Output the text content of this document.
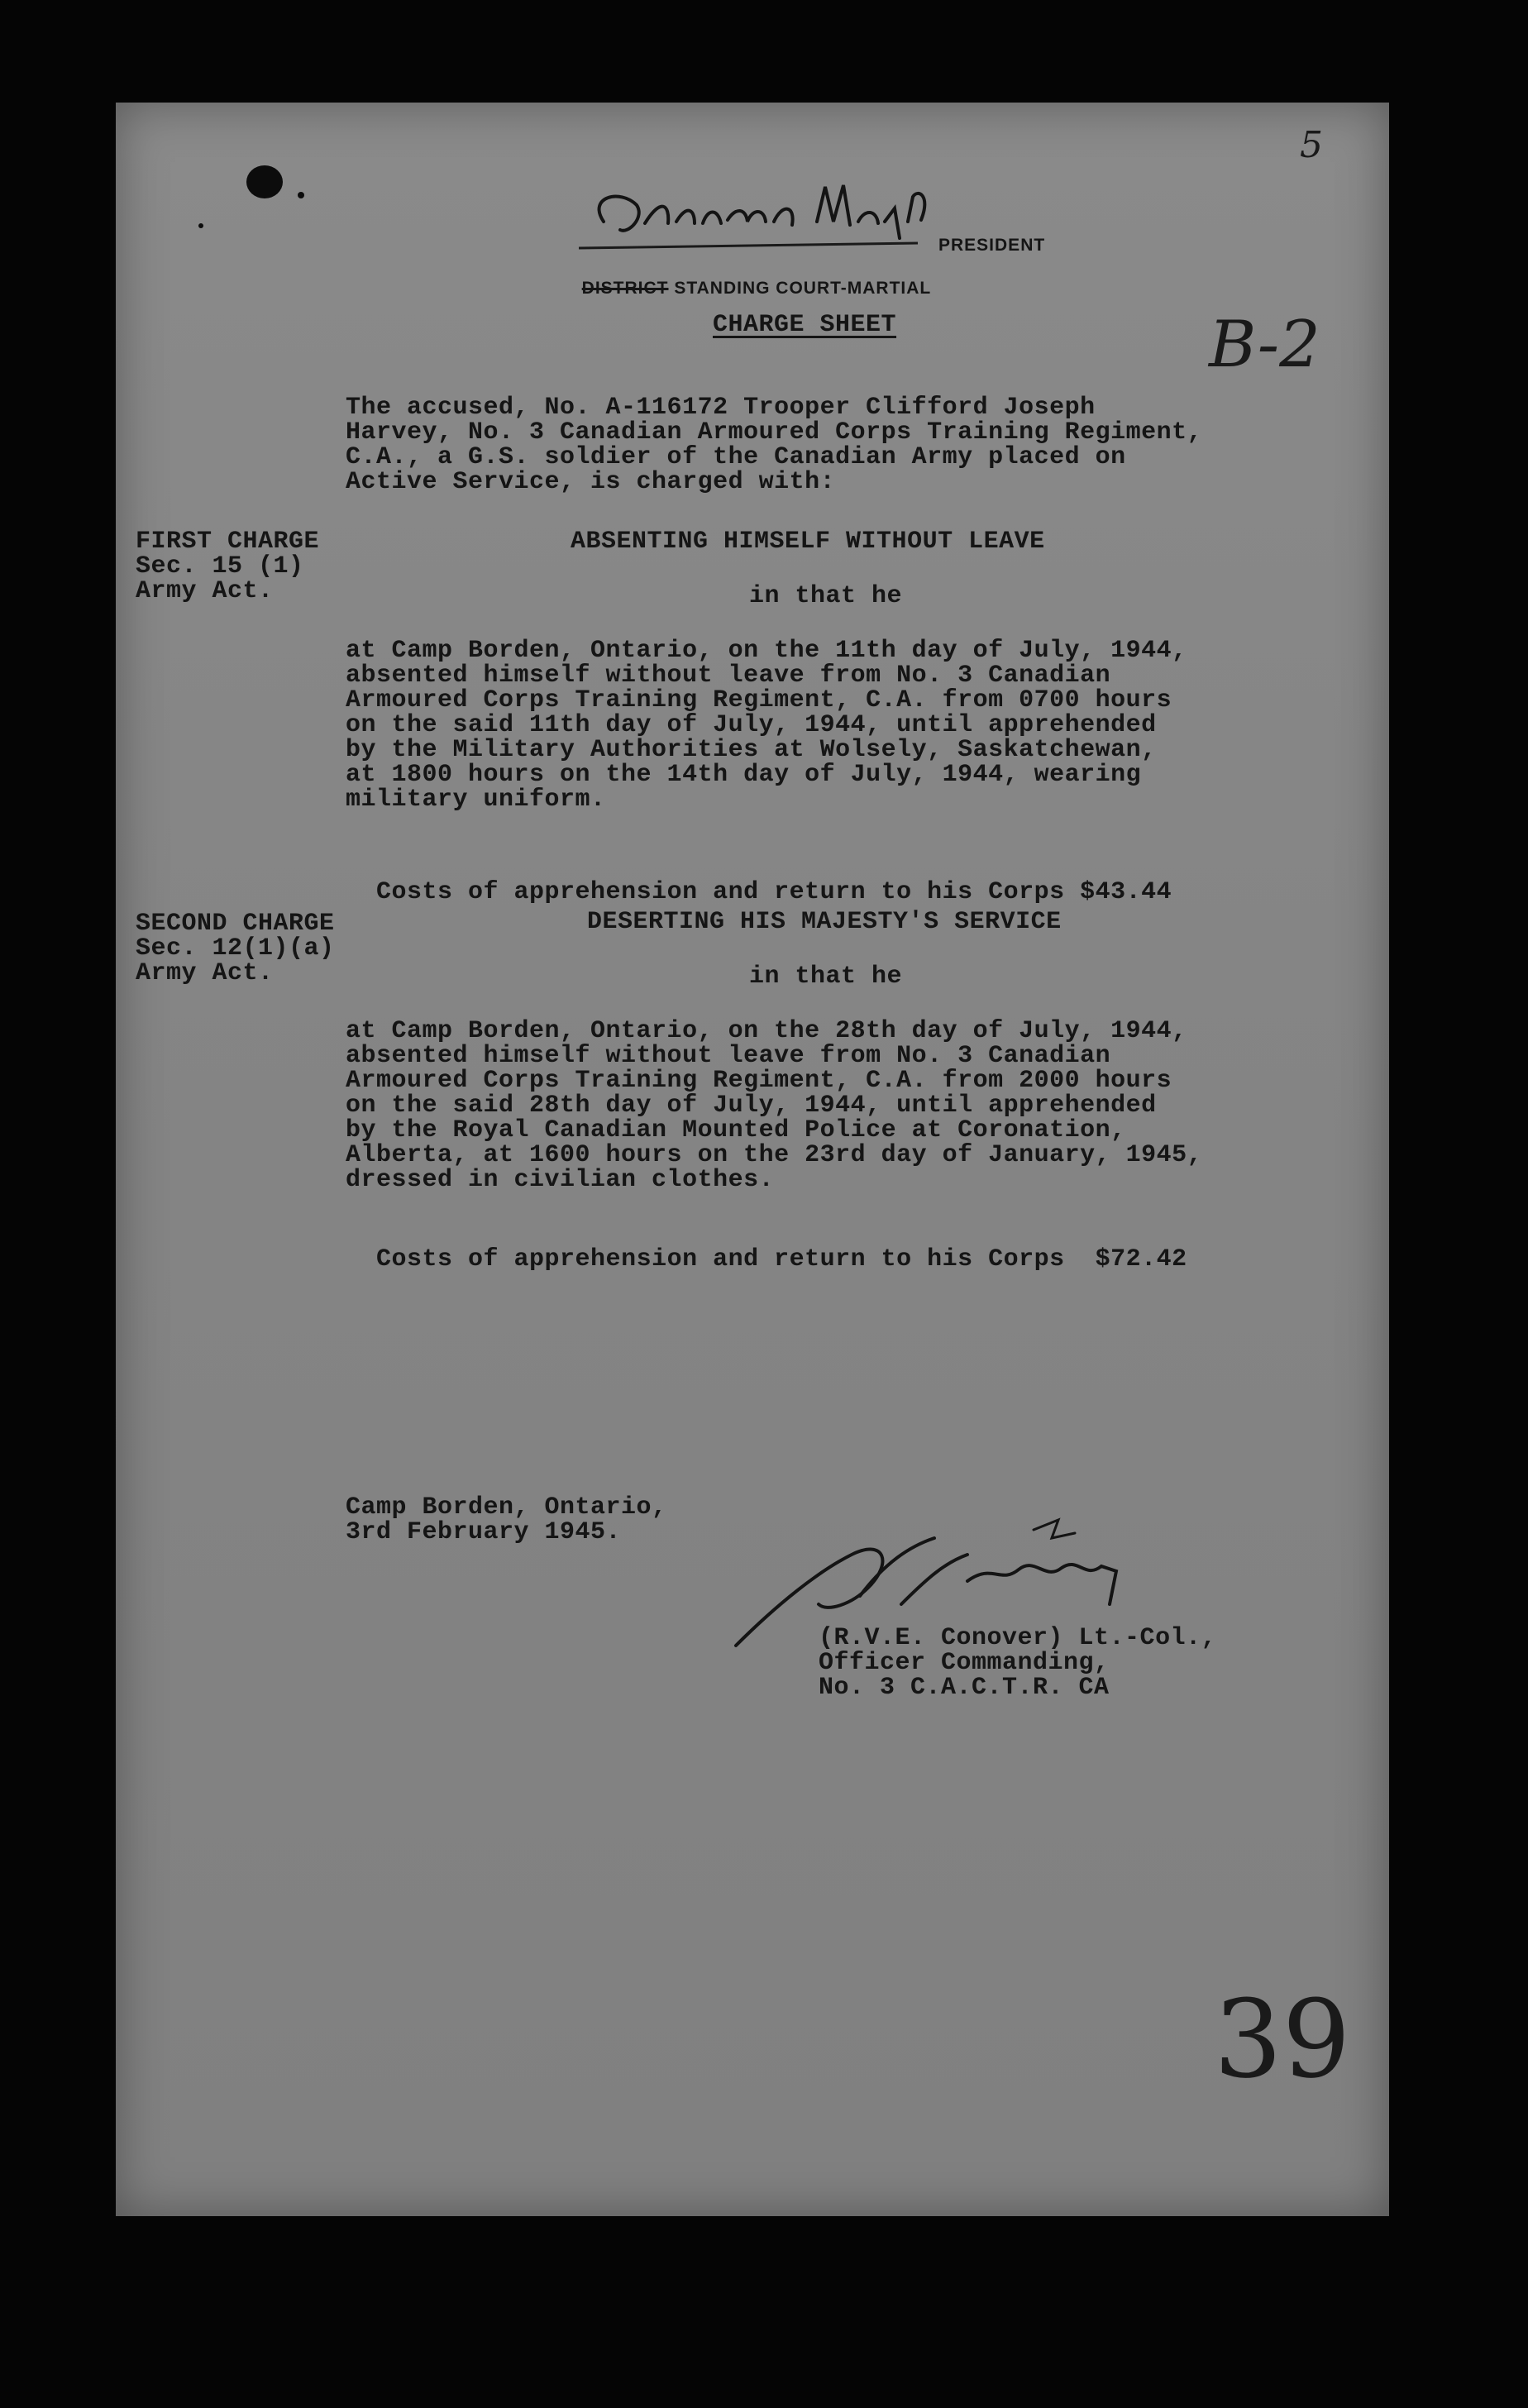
5
PRESIDENT

DISTRICT STANDING COURT-MARTIAL

B-2
CHARGE SHEET
The accused, No. A-116172 Trooper Clifford Joseph
Harvey, No. 3 Canadian Armoured Corps Training Regiment,
C.A., a G.S. soldier of the Canadian Army placed on
Active Service, is charged with:
FIRST CHARGE
Sec. 15 (1)
Army Act.
ABSENTING HIMSELF WITHOUT LEAVE
in that he
at Camp Borden, Ontario, on the 11th day of July, 1944,
absented himself without leave from No. 3 Canadian
Armoured Corps Training Regiment, C.A. from 0700 hours
on the said 11th day of July, 1944, until apprehended
by the Military Authorities at Wolsely, Saskatchewan,
at 1800 hours on the 14th day of July, 1944, wearing
military uniform.

Costs of apprehension and return to his Corps $43.44

SECOND CHARGE
Sec. 12(1)(a)
Army Act.
DESERTING HIS MAJESTY'S SERVICE
in that he
at Camp Borden, Ontario, on the 28th day of July, 1944,
absented himself without leave from No. 3 Canadian
Armoured Corps Training Regiment, C.A. from 2000 hours
on the said 28th day of July, 1944, until apprehended
by the Royal Canadian Mounted Police at Coronation,
Alberta, at 1600 hours on the 23rd day of January, 1945,
dressed in civilian clothes.

Costs of apprehension and return to his Corps $72.42

Camp Borden, Ontario,
3rd February 1945.
(R.V.E. Conover) Lt.-Col.,
Officer Commanding,
No. 3 C.A.C.T.R. CA
39
